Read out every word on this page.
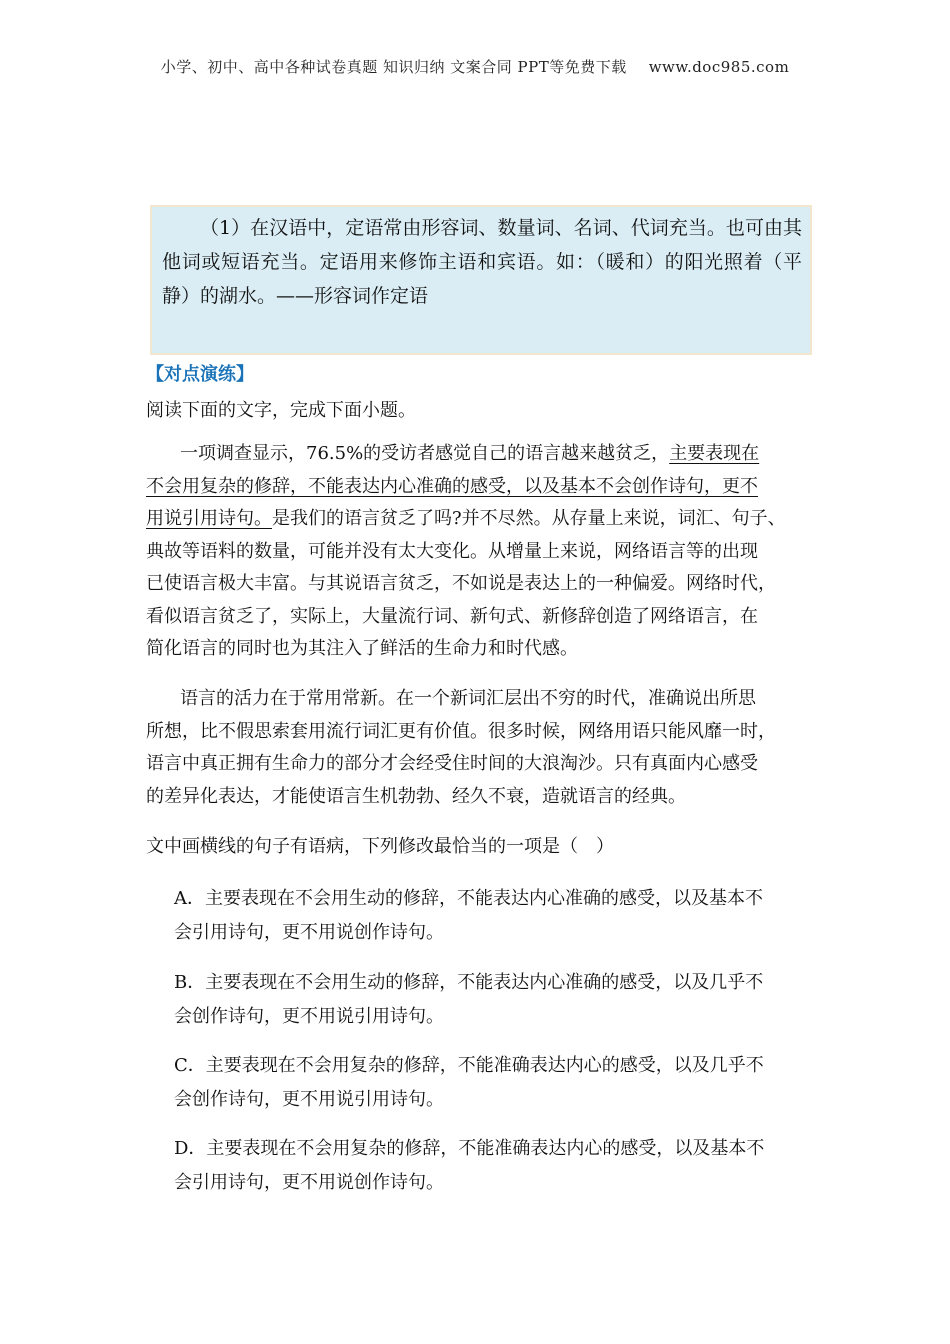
小学、初中、高中各种试卷真题 知识归纳 文案合同 PPT等免费下载 www.doc985.com

（1）在汉语中，定语常由形容词、数量词、名词、代词充当。也可由其他词或短语充当。定语用来修饰主语和宾语。如：（暖和）的阳光照着（平静）的湖水。——形容词作定语

【对点演练】
阅读下面的文字，完成下面小题。
一项调查显示，76.5%的受访者感觉自己的语言越来越贫乏，主要表现在
不会用复杂的修辞，不能表达内心准确的感受，以及基本不会创作诗句，更不
用说引用诗句。是我们的语言贫乏了吗?并不尽然。从存量上来说，词汇、句子、
典故等语料的数量，可能并没有太大变化。从增量上来说，网络语言等的出现
已使语言极大丰富。与其说语言贫乏，不如说是表达上的一种偏爱。网络时代，
看似语言贫乏了，实际上，大量流行词、新句式、新修辞创造了网络语言，在
简化语言的同时也为其注入了鲜活的生命力和时代感。
语言的活力在于常用常新。在一个新词汇层出不穷的时代，准确说出所思
所想，比不假思索套用流行词汇更有价值。很多时候，网络用语只能风靡一时，
语言中真正拥有生命力的部分才会经受住时间的大浪淘沙。只有真面内心感受
的差异化表达，才能使语言生机勃勃、经久不衰，造就语言的经典。
文中画横线的句子有语病，下列修改最恰当的一项是（　）
A．主要表现在不会用生动的修辞，不能表达内心准确的感受，以及基本不
会引用诗句，更不用说创作诗句。
B．主要表现在不会用生动的修辞，不能表达内心准确的感受，以及几乎不
会创作诗句，更不用说引用诗句。
C．主要表现在不会用复杂的修辞，不能准确表达内心的感受，以及几乎不
会创作诗句，更不用说引用诗句。
D．主要表现在不会用复杂的修辞，不能准确表达内心的感受，以及基本不
会引用诗句，更不用说创作诗句。
